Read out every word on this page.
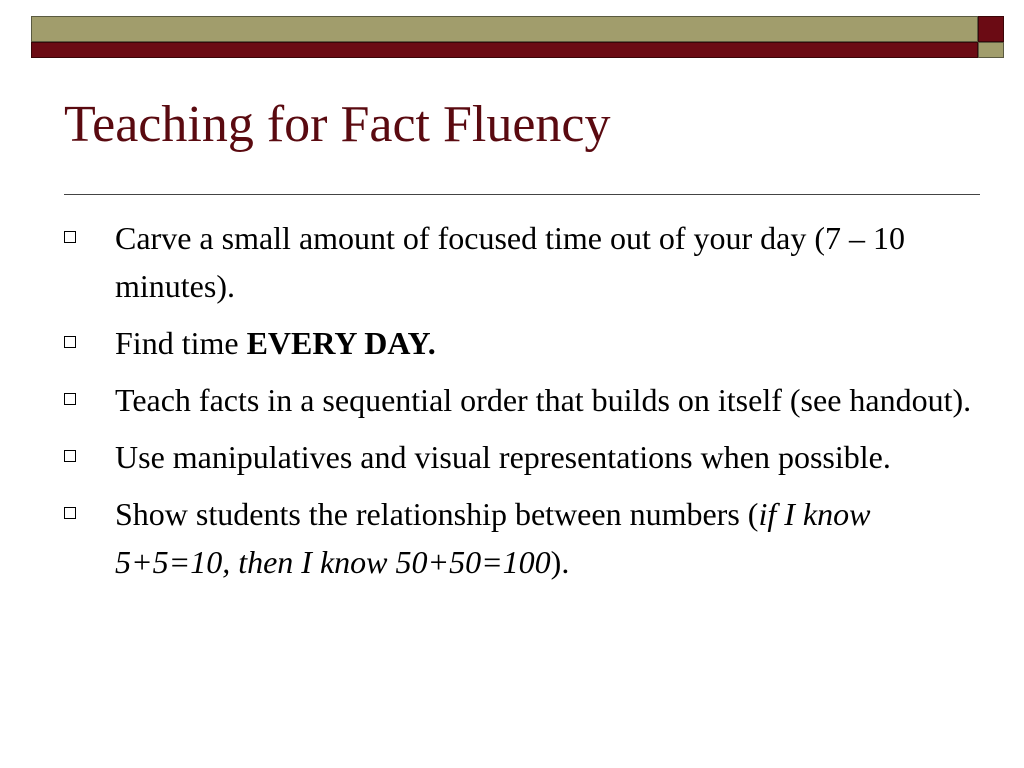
Teaching for Fact Fluency
Carve a small amount of focused time out of your day (7 – 10 minutes).
Find time EVERY DAY.
Teach facts in a sequential order that builds on itself (see handout).
Use manipulatives and visual representations when possible.
Show students the relationship between numbers (if I know 5+5=10, then I know 50+50=100).
